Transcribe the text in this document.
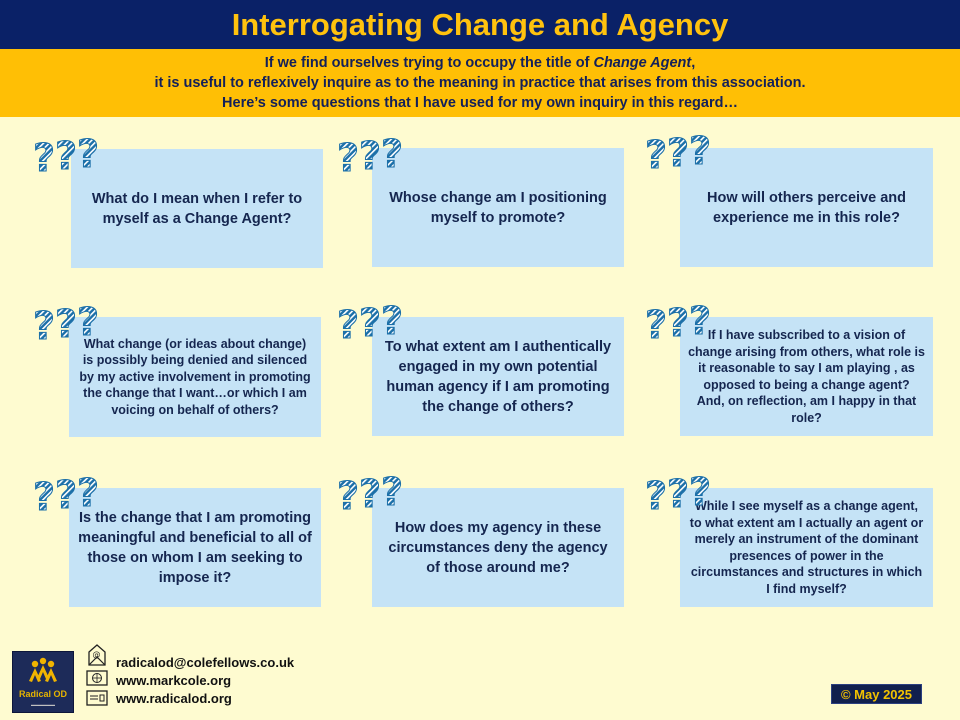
Interrogating Change and Agency
If we find ourselves trying to occupy the title of Change Agent,
it is useful to reflexively inquire as to the meaning in practice that arises from this association.
Here’s some questions that I have used for my own inquiry in this regard…
What do I mean when I refer to myself as a Change Agent?
Whose change am I positioning myself to promote?
How will others perceive and experience me in this role?
What change (or ideas about change) is possibly being denied and silenced by my active involvement in promoting the change that I want…or which I am voicing on behalf of others?
To what extent am I authentically engaged in my own potential human agency if I am promoting the change of others?
If I have subscribed to a vision of change arising from others, what role is it reasonable to say I am playing , as opposed to being a change agent? And, on reflection, am I happy in that role?
Is the change that I am promoting meaningful and beneficial to all of those on whom I am seeking to impose it?
How does my agency in these circumstances deny the agency of those around me?
While I see myself as a change agent, to what extent am I actually an agent or merely an instrument of the dominant presences of power in the circumstances and structures in which I find myself?
? ? ?	? ? ?	? ? ?
? ? ?	? ? ?	? ? ?
? ? ?	? ? ?	? ? ?
Radical OD
▬▬▬▬▬▬
@
radicalod@colefellows.co.uk
www.markcole.org
www.radicalod.org	© May 2025
